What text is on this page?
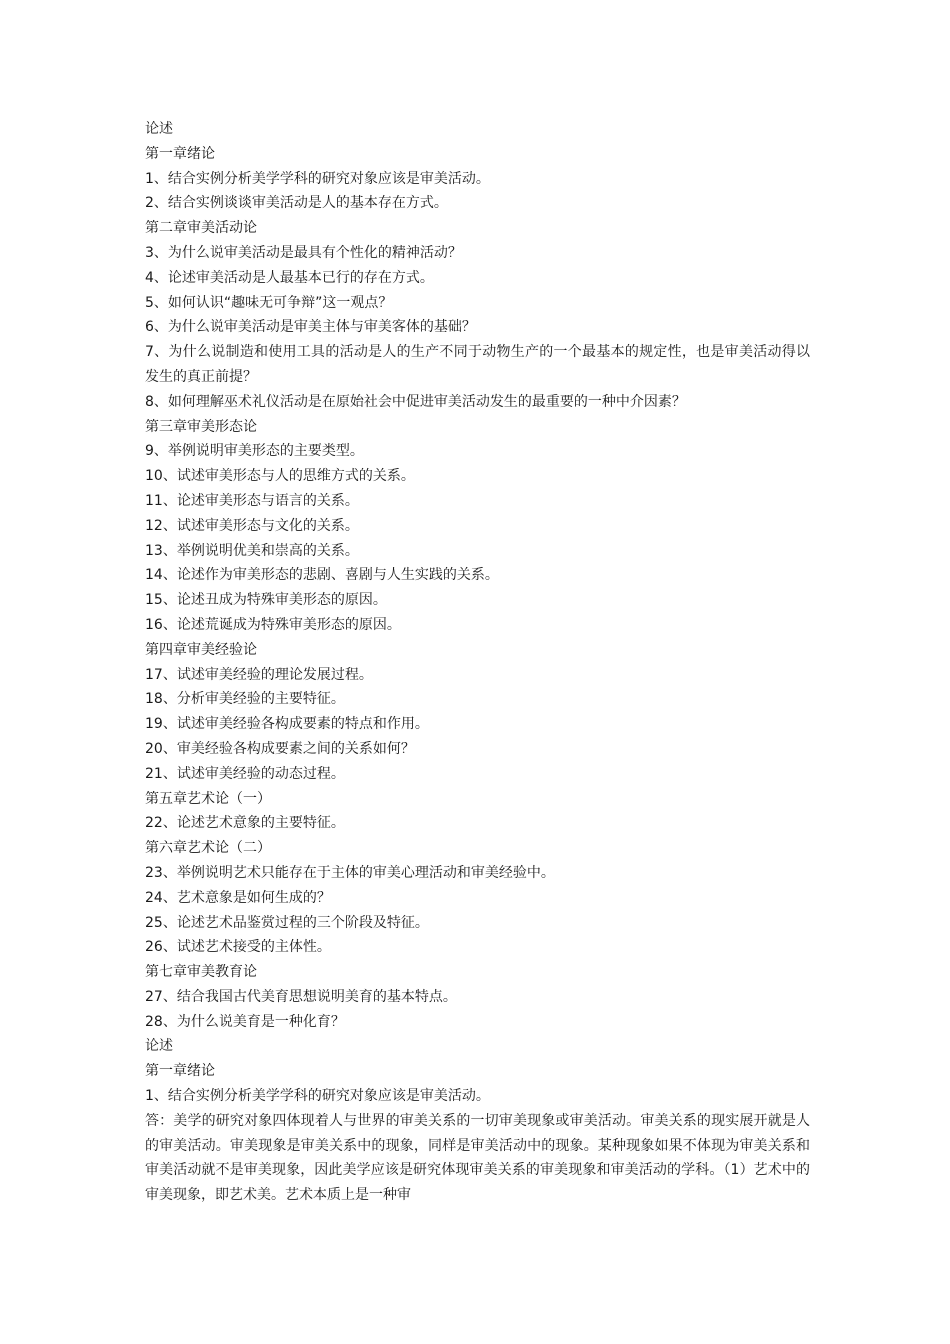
论述
第一章绪论
1、结合实例分析美学学科的研究对象应该是审美活动。
2、结合实例谈谈审美活动是人的基本存在方式。
第二章审美活动论
3、为什么说审美活动是最具有个性化的精神活动？
4、论述审美活动是人最基本已行的存在方式。
5、如何认识“趣味无可争辩”这一观点？
6、为什么说审美活动是审美主体与审美客体的基础？
7、为什么说制造和使用工具的活动是人的生产不同于动物生产的一个最基本的规定性，也是审美活动得以发生的真正前提？
8、如何理解巫术礼仪活动是在原始社会中促进审美活动发生的最重要的一种中介因素？
第三章审美形态论
9、举例说明审美形态的主要类型。
10、试述审美形态与人的思维方式的关系。
11、论述审美形态与语言的关系。
12、试述审美形态与文化的关系。
13、举例说明优美和崇高的关系。
14、论述作为审美形态的悲剧、喜剧与人生实践的关系。
15、论述丑成为特殊审美形态的原因。
16、论述荒诞成为特殊审美形态的原因。
第四章审美经验论
17、试述审美经验的理论发展过程。
18、分析审美经验的主要特征。
19、试述审美经验各构成要素的特点和作用。
20、审美经验各构成要素之间的关系如何？
21、试述审美经验的动态过程。
第五章艺术论（一）
22、论述艺术意象的主要特征。
第六章艺术论（二）
23、举例说明艺术只能存在于主体的审美心理活动和审美经验中。
24、艺术意象是如何生成的？
25、论述艺术品鉴赏过程的三个阶段及特征。
26、试述艺术接受的主体性。
第七章审美教育论
27、结合我国古代美育思想说明美育的基本特点。
28、为什么说美育是一种化育？
论述
第一章绪论
1、结合实例分析美学学科的研究对象应该是审美活动。
答：美学的研究对象四体现着人与世界的审美关系的一切审美现象或审美活动。审美关系的现实展开就是人的审美活动。审美现象是审美关系中的现象，同样是审美活动中的现象。某种现象如果不体现为审美关系和审美活动就不是审美现象，因此美学应该是研究体现审美关系的审美现象和审美活动的学科。（1）艺术中的审美现象，即艺术美。艺术本质上是一种审
